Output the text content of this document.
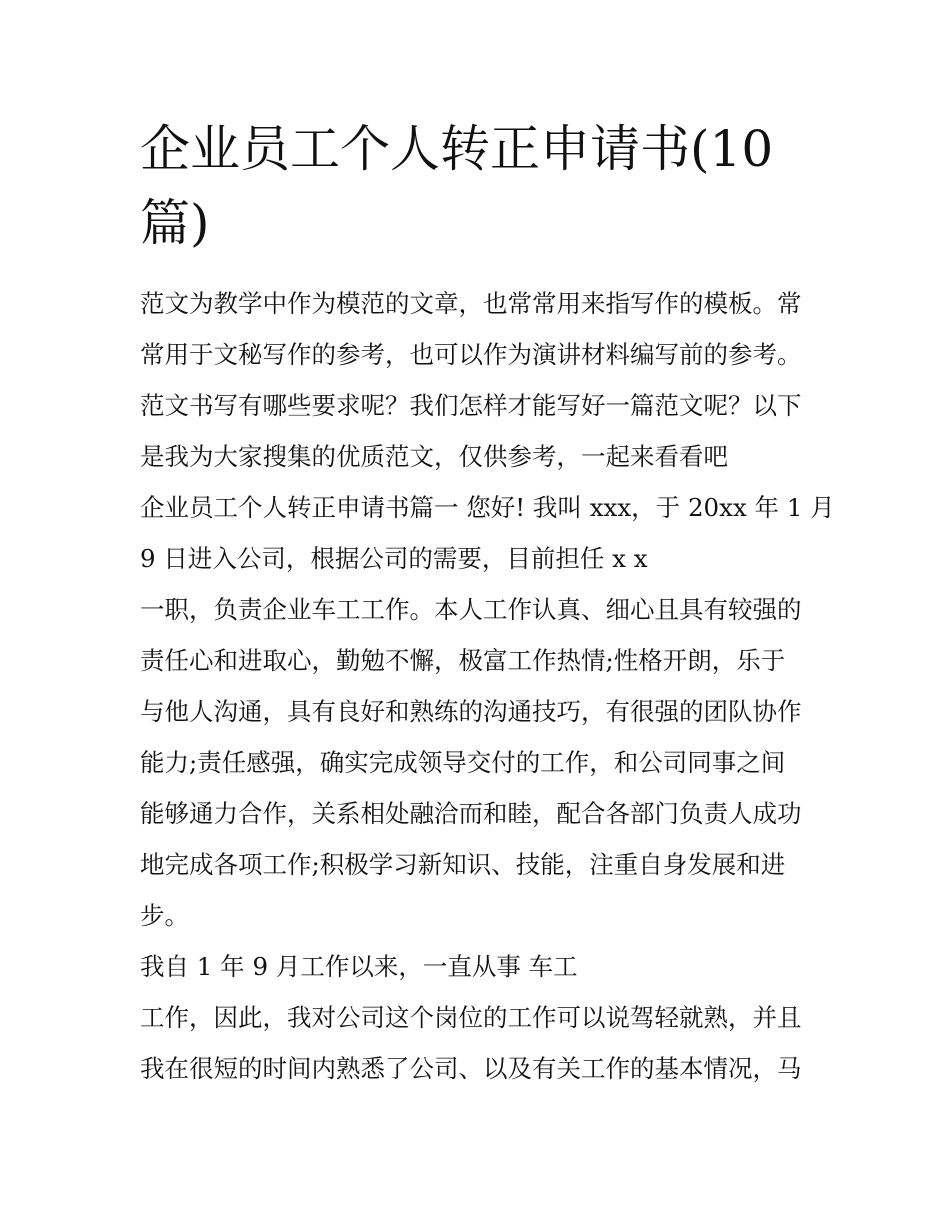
企业员工个人转正申请书(10
篇)
范文为教学中作为模范的文章，也常常用来指写作的模板。常
常用于文秘写作的参考，也可以作为演讲材料编写前的参考。
范文书写有哪些要求呢？我们怎样才能写好一篇范文呢？以下
是我为大家搜集的优质范文，仅供参考，一起来看看吧
企业员工个人转正申请书篇一 您好! 我叫 xxx，于 20xx 年 1 月
9 日进入公司，根据公司的需要，目前担任 x x
一职，负责企业车工工作。本人工作认真、细心且具有较强的
责任心和进取心，勤勉不懈，极富工作热情;性格开朗，乐于
与他人沟通，具有良好和熟练的沟通技巧，有很强的团队协作
能力;责任感强，确实完成领导交付的工作，和公司同事之间
能够通力合作，关系相处融洽而和睦，配合各部门负责人成功
地完成各项工作;积极学习新知识、技能，注重自身发展和进
步。
我自 1 年 9 月工作以来，一直从事 车工
工作，因此，我对公司这个岗位的工作可以说驾轻就熟，并且
我在很短的时间内熟悉了公司、以及有关工作的基本情况，马
